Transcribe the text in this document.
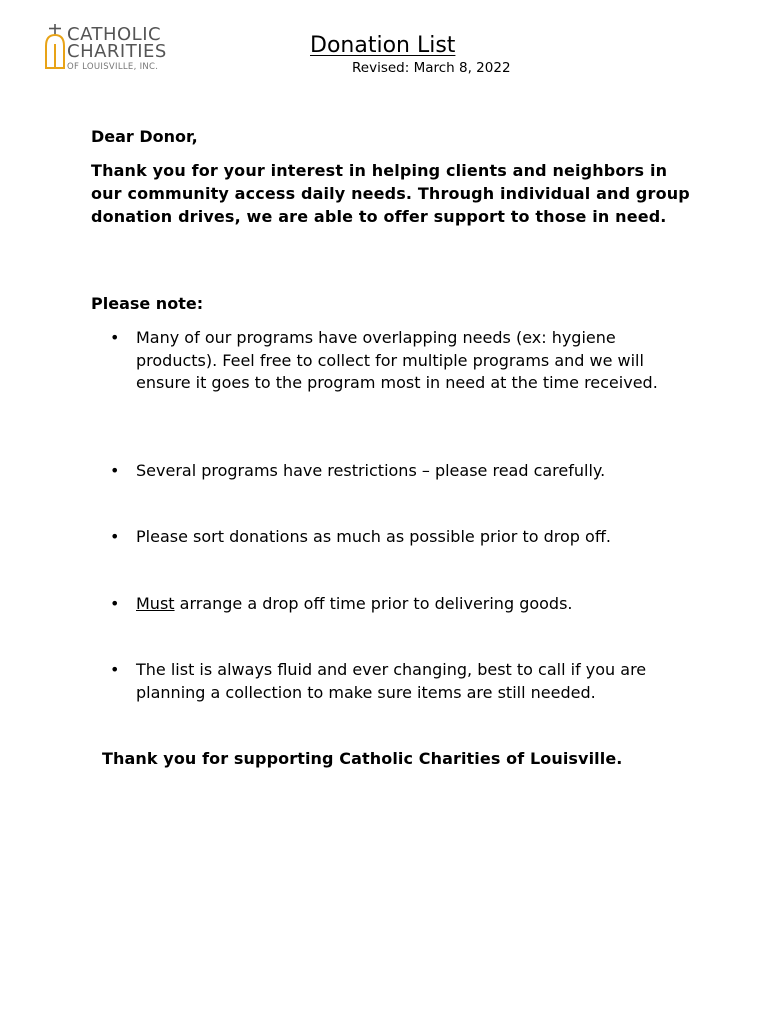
CATHOLIC
CHARITIES
OF LOUISVILLE, INC.
Donation List
Revised: March 8, 2022
Dear Donor,
Thank you for your interest in helping clients and neighbors in our community access daily needs. Through individual and group donation drives, we are able to offer support to those in need.
Please note:
•	Many of our programs have overlapping needs (ex: hygiene products). Feel free to collect for multiple programs and we will ensure it goes to the program most in need at the time received.
•	Several programs have restrictions – please read carefully.
•	Please sort donations as much as possible prior to drop off.
•	Must arrange a drop off time prior to delivering goods.
•	The list is always fluid and ever changing, best to call if you are planning a collection to make sure items are still needed.
Thank you for supporting Catholic Charities of Louisville.
